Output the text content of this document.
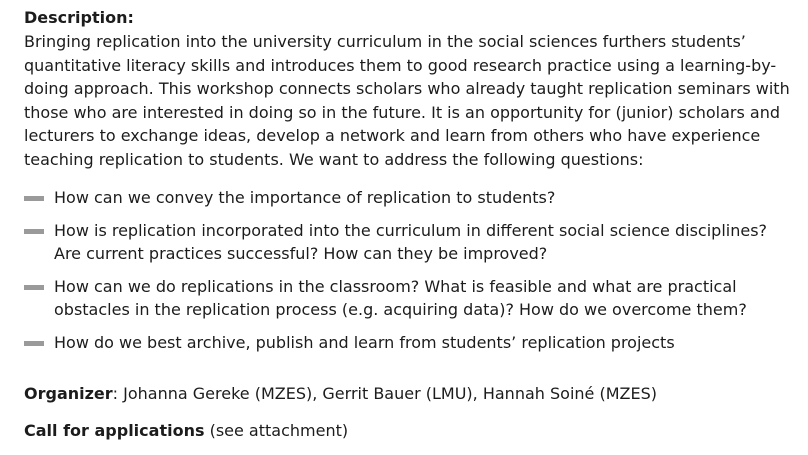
Description:

Bringing replication into the university curriculum in the social sciences furthers students’ quantitative literacy skills and introduces them to good research practice using a learning-by-doing approach. This workshop connects scholars who already taught replication seminars with those who are interested in doing so in the future. It is an opportunity for (junior) scholars and lecturers to exchange ideas, develop a network and learn from others who have experience teaching replication to students. We want to address the following questions:

How can we convey the importance of replication to students?
How is replication incorporated into the curriculum in different social science disciplines? Are current practices successful? How can they be improved?
How can we do replications in the classroom? What is feasible and what are practical obstacles in the replication process (e.g. acquiring data)? How do we overcome them?
How do we best archive, publish and learn from students’ replication projects

Organizer: Johanna Gereke (MZES), Gerrit Bauer (LMU), Hannah Soiné (MZES)

Call for applications (see attachment)
